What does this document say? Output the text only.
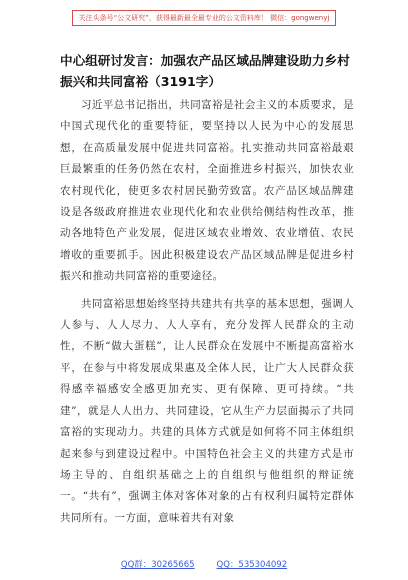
关注头条号“公文研究”，获得最新最全最专业的公文资料库！ 微信：gongwenyj
中心组研讨发言：加强农产品区域品牌建设助力乡村振兴和共同富裕（3191字）

习近平总书记指出，共同富裕是社会主义的本质要求，是中国式现代化的重要特征，要坚持以人民为中心的发展思想，在高质量发展中促进共同富裕。扎实推动共同富裕最艰巨最繁重的任务仍然在农村，全面推进乡村振兴，加快农业农村现代化，使更多农村居民勤劳致富。农产品区域品牌建设是各级政府推进农业现代化和农业供给侧结构性改革，推动各地特色产业发展，促进区域农业增效、农业增值、农民增收的重要抓手。因此积极建设农产品区域品牌是促进乡村振兴和推动共同富裕的重要途径。

共同富裕思想始终坚持共建共有共享的基本思想，强调人人参与、人人尽力、人人享有，充分发挥人民群众的主动性，不断“做大蛋糕”，让人民群众在发展中不断提高富裕水平，在参与中将发展成果惠及全体人民，让广大人民群众获得感幸福感安全感更加充实、更有保障、更可持续。“共建”，就是人人出力、共同建设，它从生产力层面揭示了共同富裕的实现动力。共建的具体方式就是如何将不同主体组织起来参与到建设过程中。中国特色社会主义的共建方式是市场主导的、自组织基础之上的自组织与他组织的辩证统一。“共有”，强调主体对客体对象的占有权利归属特定群体共同所有。一方面，意味着共有对象

QQ群：30265665	QQ：535304092
